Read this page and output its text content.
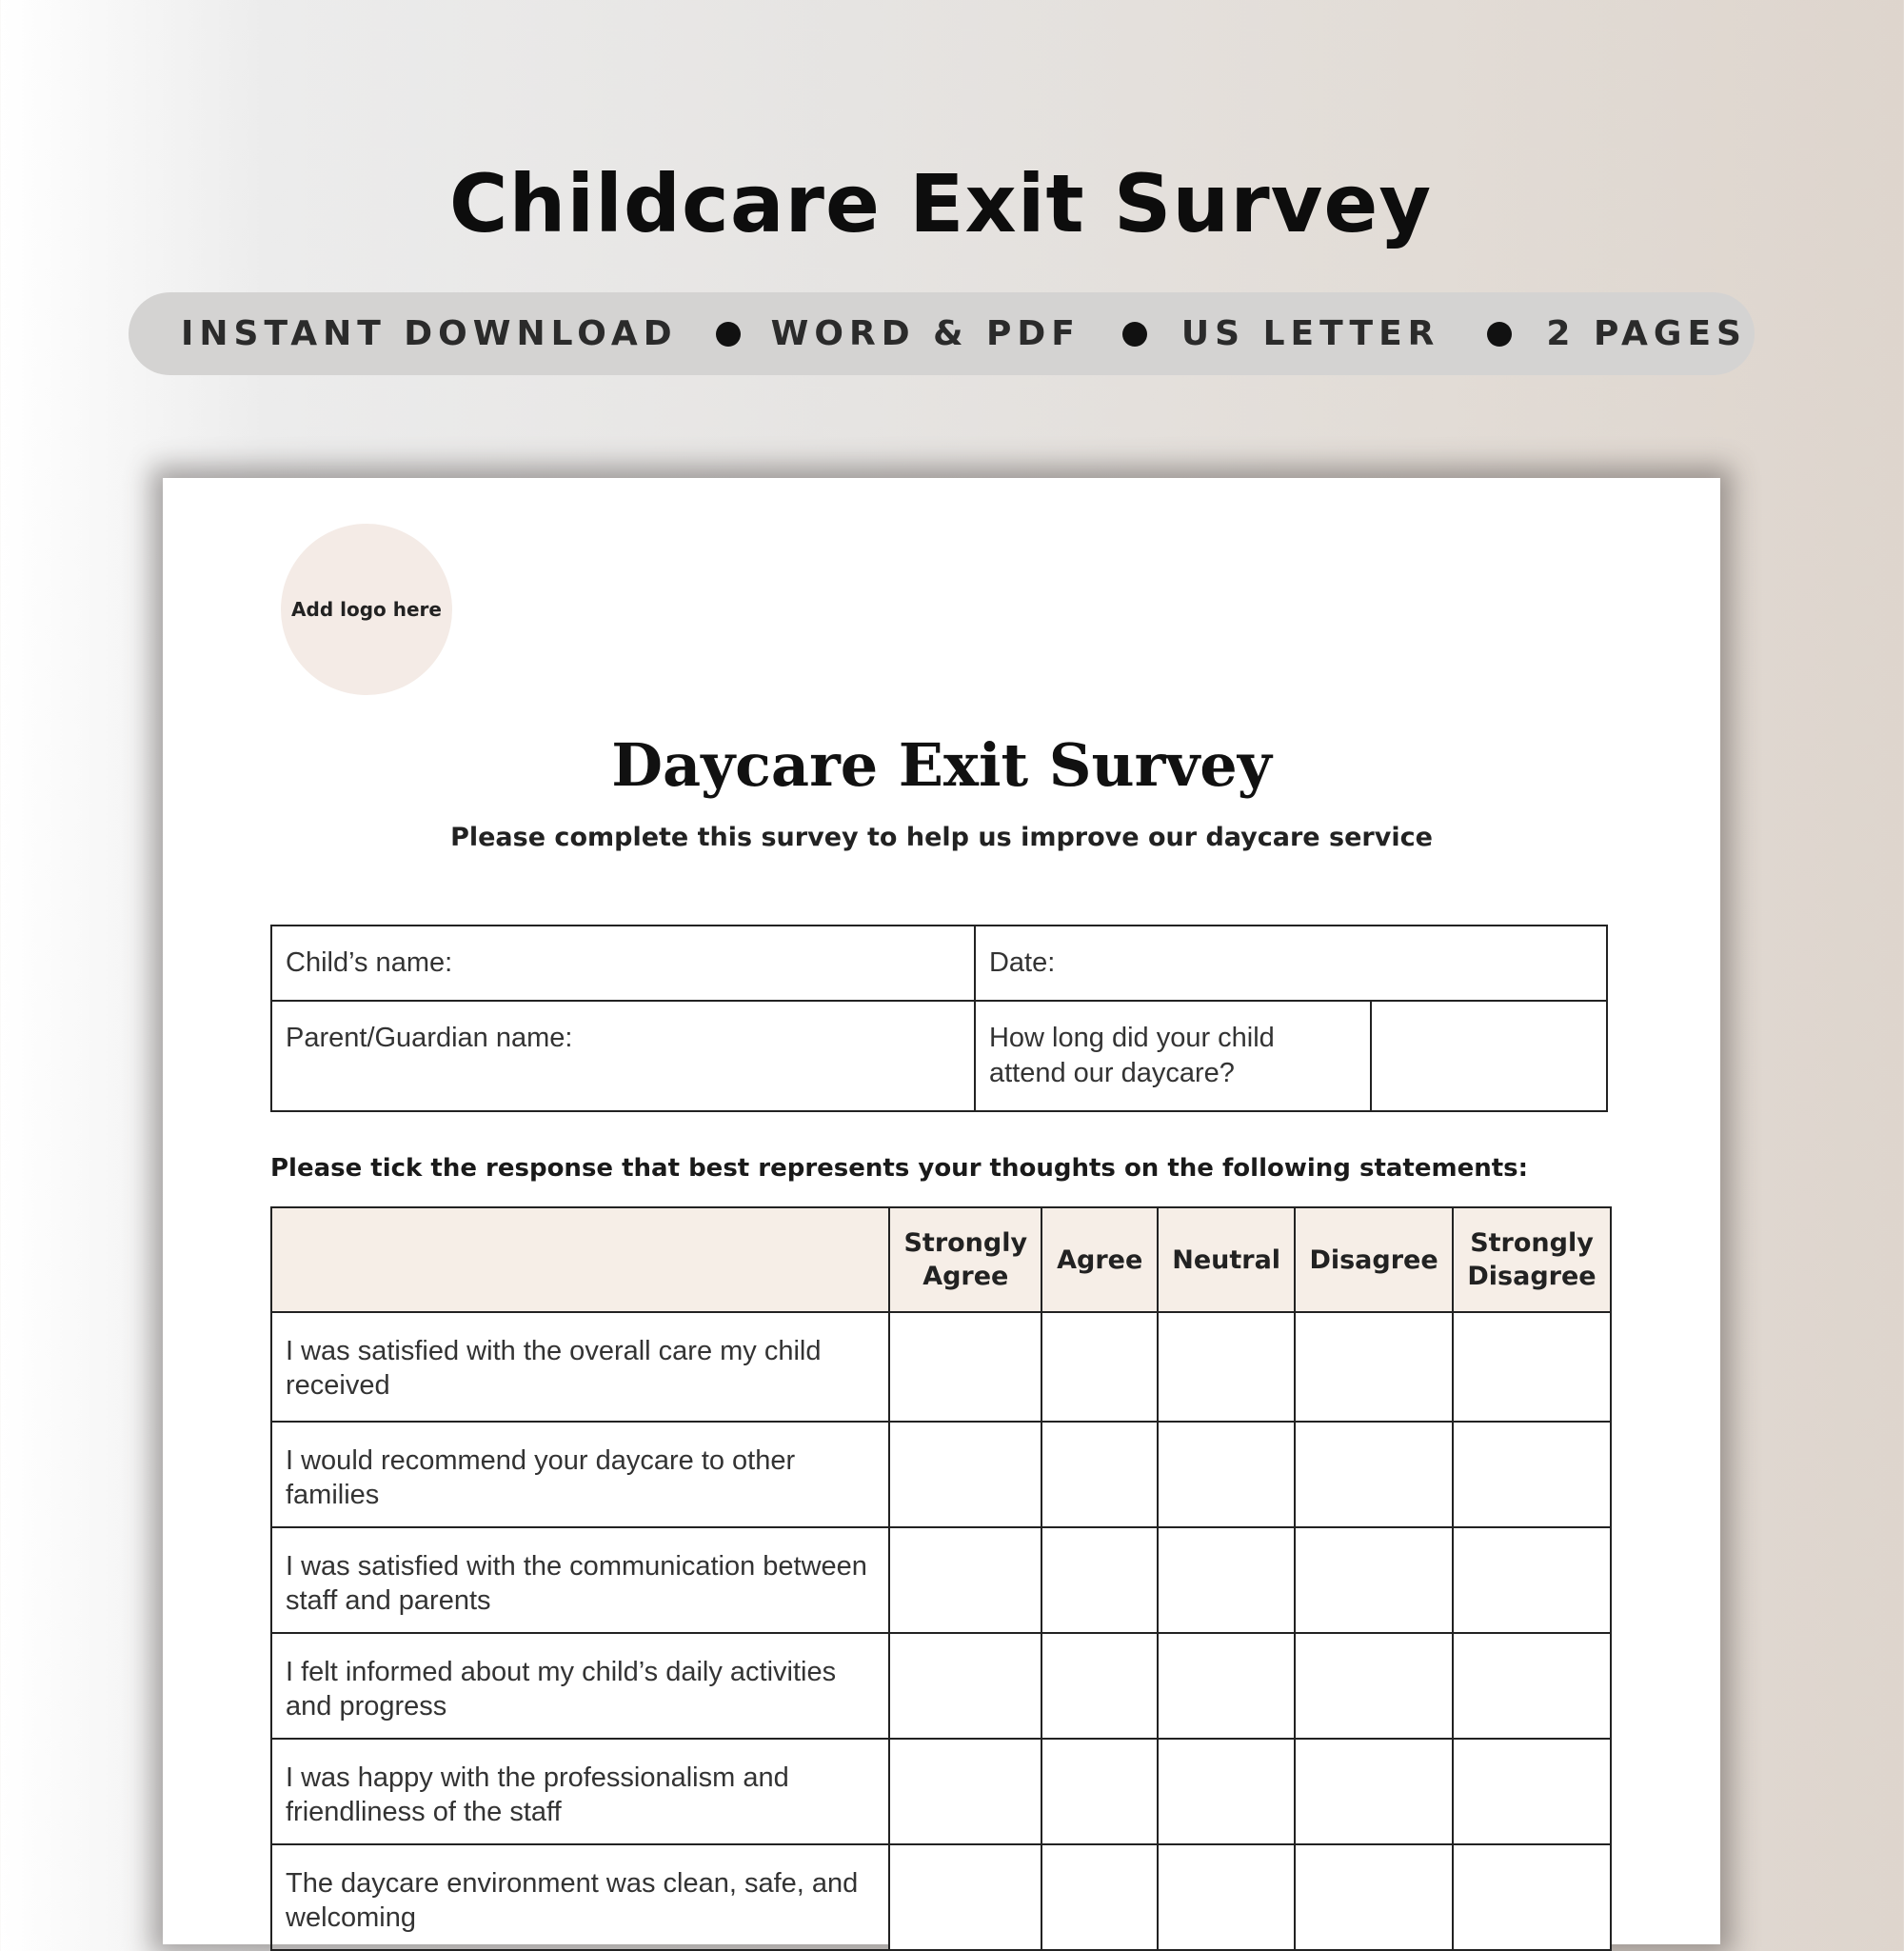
Childcare Exit Survey
INSTANT DOWNLOAD	WORD & PDF	US LETTER	2 PAGES
Add logo here
Daycare Exit Survey
Please complete this survey to help us improve our daycare service
Child’s name:	Date:	
Parent/Guardian name:	How long did your child attend our daycare?	
Please tick the response that best represents your thoughts on the following statements:
	Strongly Agree	Agree	Neutral	Disagree	Strongly Disagree
I was satisfied with the overall care my child received					
I would recommend your daycare to other families					
I was satisfied with the communication between staff and parents					
I felt informed about my child’s daily activities and progress					
I was happy with the professionalism and friendliness of the staff					
The daycare environment was clean, safe, and welcoming					
